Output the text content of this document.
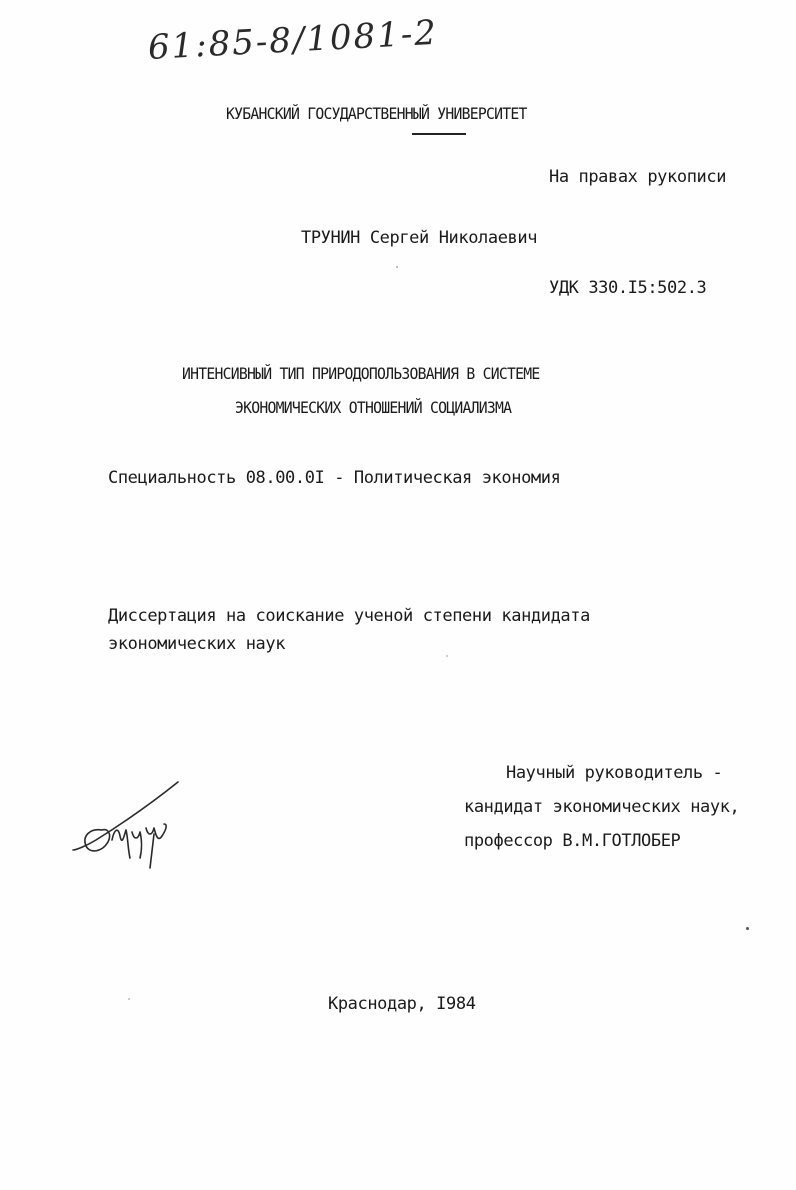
61:85-8/1081-2
КУБАНСКИЙ ГОСУДАРСТВЕННЫЙ УНИВЕРСИТЕТ
На правах рукописи
ТРУНИН Сергей Николаевич
УДК 330.I5:502.3
ИНТЕНСИВНЫЙ ТИП ПРИРОДОПОЛЬЗОВАНИЯ В СИСТЕМЕ
ЭКОНОМИЧЕСКИХ ОТНОШЕНИЙ СОЦИАЛИЗМА
Специальность 08.00.0I - Политическая экономия
Диссертация на соискание ученой степени кандидата
экономических наук
Научный руководитель -
кандидат экономических наук,
профессор В.М.ГОТЛОБЕР
Краснодар, I984
